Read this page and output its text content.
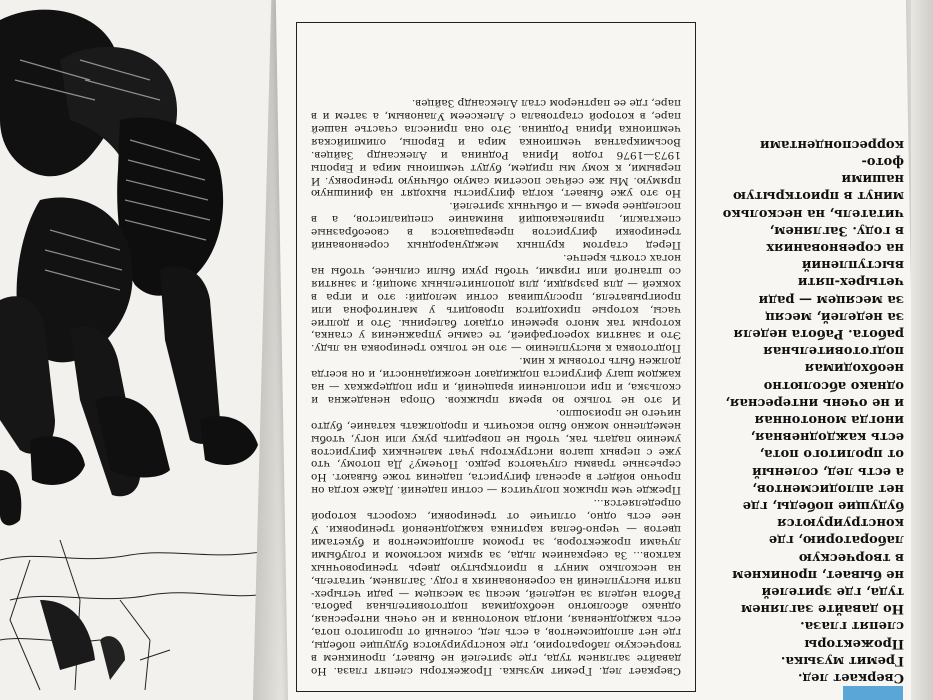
Сверкает лед. Гремит музыка. Прожекторы слепят глаза. Но давайте заглянем туда, где зрителей не бывает, проникнем в творческую лабораторию, где конструируются будущие победы, где нет аплодисментов, а есть лед, соленый от пролитого пота, есть каждодневная, иногда монотонная и не очень интересная, однако абсолютно необходимая подготовительная работа. Работа неделя за неделей, месяц за месяцем — ради четырех-пяти выступлений на соревнованиях в году. Заглянем, читатель, на несколько минут в приоткрытую дверь тренировочных катков... За сверканием льда, за ярким костюмом и голубыми лучами прожекторов, за громом аплодисментов и букетами цветов — черно-белая картинка каждодневной тренировки. У нее есть одно, отличие от тренировки, скорость которой определяется...

Прежде чем прыжок получится — сотни падений. Даже когда он прочно войдет в арсенал фигуриста, падения тоже бывают. Но серьезные травмы случаются редко. Почему? Да потому, что уже с первых шагов инструкторы учат маленьких фигуристов умению падать так, чтобы не повредить руку или ногу, чтобы немедленно можно было вскочить и продолжать катание, будто ничего не произошло.

И это не только во время прыжков. Опора ненадежна и скользка, и при исполнении вращений, и при поддержках — на каждом шагу фигуриста поджидают неожиданности, и он всегда должен быть готовым к ним.

Подготовка к выступлению — это не только тренировка на льду. Это и занятия хореографией, те самые упражнения у станка, которым так много времени отдают балерины. Это и долгие часы, которые приходится проводить у магнитофона или проигрывателя, прослушивая сотни мелодий: это и игра в хоккей — для разрядки, для дополнительных эмоций; и занятия со штангой или гирями, чтобы руки были сильнее, чтобы на ногах стоять крепче.

Перед стартом крупных международных соревнований тренировки фигуристов превращаются в своеобразные спектакли, привлекающий внимание специалистов, а в последнее время — и обычных зрителей.

Но это уже бывает, когда фигуристы выходят на финишную прямую. Мы же сейчас посетим самую обычную тренировку. И первыми, к кому мы придем, будут чемпионы мира и Европы 1973—1976 годов Ирина Роднина и Александр Зайцев. Восьмикратная чемпионка мира и Европы, олимпийская чемпионка Ирина Роднина. Это она принесла счастье нашей паре, в которой стартовала с Алексеем Улановым, а затем и в паре, где ее партнером стал Александр Зайцев.

Сверкает лед.

Гремит музыка.

Прожекторы

слепят глаза.

Но давайте заглянем

туда, где зрителей

не бывает, проникнем

в творческую

лабораторию, где

конструируются

будущие победы, где

нет аплодисментов,

а есть лед, соленый

от пролитого пота,

есть каждодневная,

иногда монотонная

и не очень интересная,

однако абсолютно

необходимая

подготовительная

работа. Работа неделя

за неделей, месяц

за месяцем — ради

четырех-пяти

выступлений

на соревнованиях

в году. Заглянем,

читатель, на несколько

минут в приоткрытую

нашими

фото-

корреспондентами
